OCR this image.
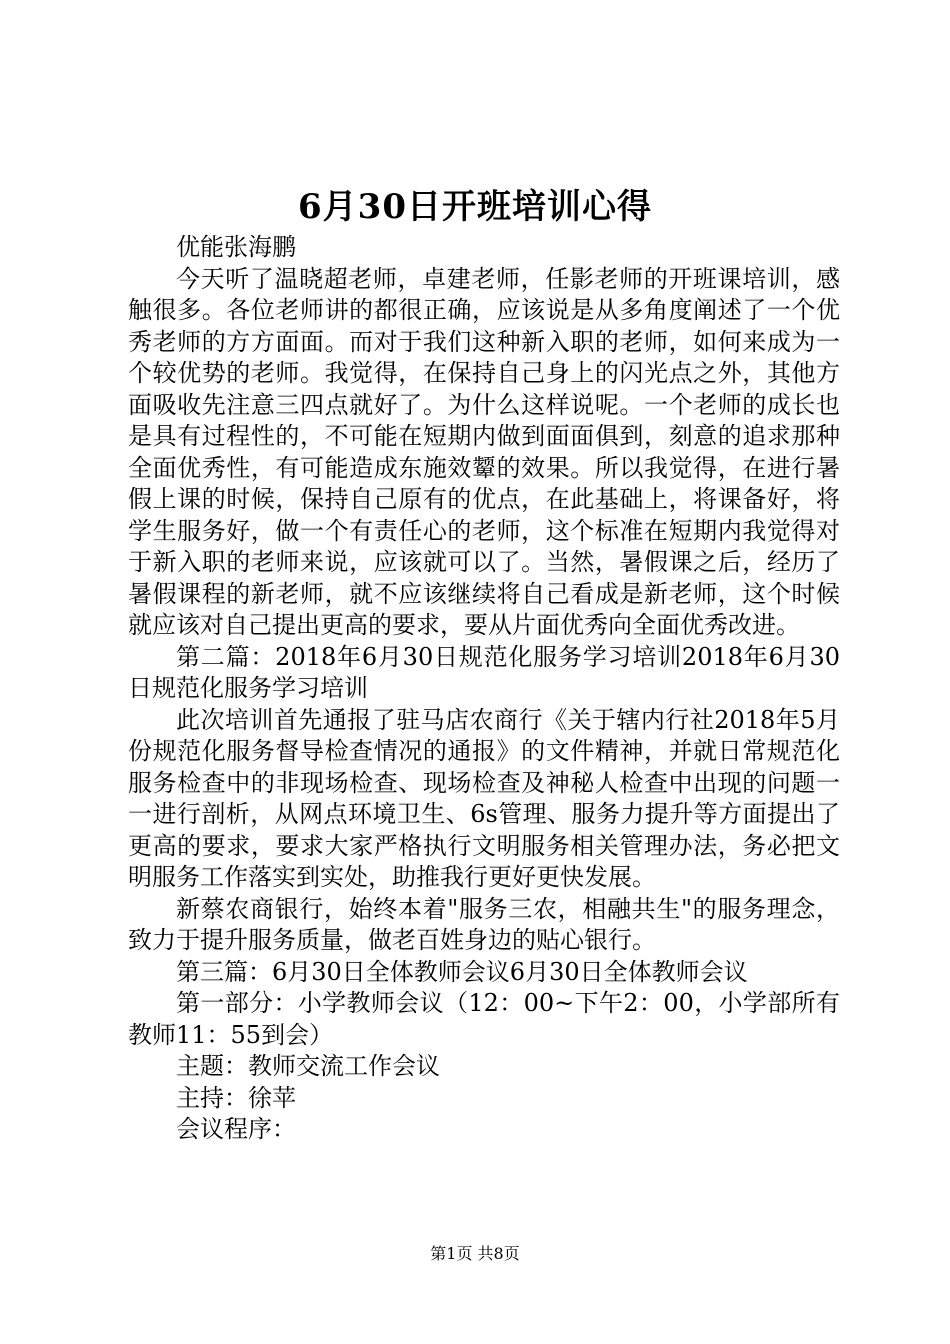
6月30日开班培训心得

优能张海鹏

今天听了温晓超老师，卓建老师，任影老师的开班课培训，感触很多。各位老师讲的都很正确，应该说是从多角度阐述了一个优秀老师的方方面面。而对于我们这种新入职的老师，如何来成为一个较优势的老师。我觉得，在保持自己身上的闪光点之外，其他方面吸收先注意三四点就好了。为什么这样说呢。一个老师的成长也是具有过程性的，不可能在短期内做到面面俱到，刻意的追求那种全面优秀性，有可能造成东施效颦的效果。所以我觉得，在进行暑假上课的时候，保持自己原有的优点，在此基础上，将课备好，将学生服务好，做一个有责任心的老师，这个标准在短期内我觉得对于新入职的老师来说，应该就可以了。当然，暑假课之后，经历了暑假课程的新老师，就不应该继续将自己看成是新老师，这个时候就应该对自己提出更高的要求，要从片面优秀向全面优秀改进。

第二篇：2018年6月30日规范化服务学习培训2018年6月30日规范化服务学习培训

此次培训首先通报了驻马店农商行《关于辖内行社2018年5月份规范化服务督导检查情况的通报》的文件精神，并就日常规范化服务检查中的非现场检查、现场检查及神秘人检查中出现的问题一一进行剖析，从网点环境卫生、6s管理、服务力提升等方面提出了更高的要求，要求大家严格执行文明服务相关管理办法，务必把文明服务工作落实到实处，助推我行更好更快发展。

新蔡农商银行，始终本着"服务三农，相融共生"的服务理念，致力于提升服务质量，做老百姓身边的贴心银行。

第三篇：6月30日全体教师会议6月30日全体教师会议

第一部分：小学教师会议（12：00~下午2：00，小学部所有教师11：55到会）

主题：教师交流工作会议

主持：徐苹

会议程序：

第1页 共8页
